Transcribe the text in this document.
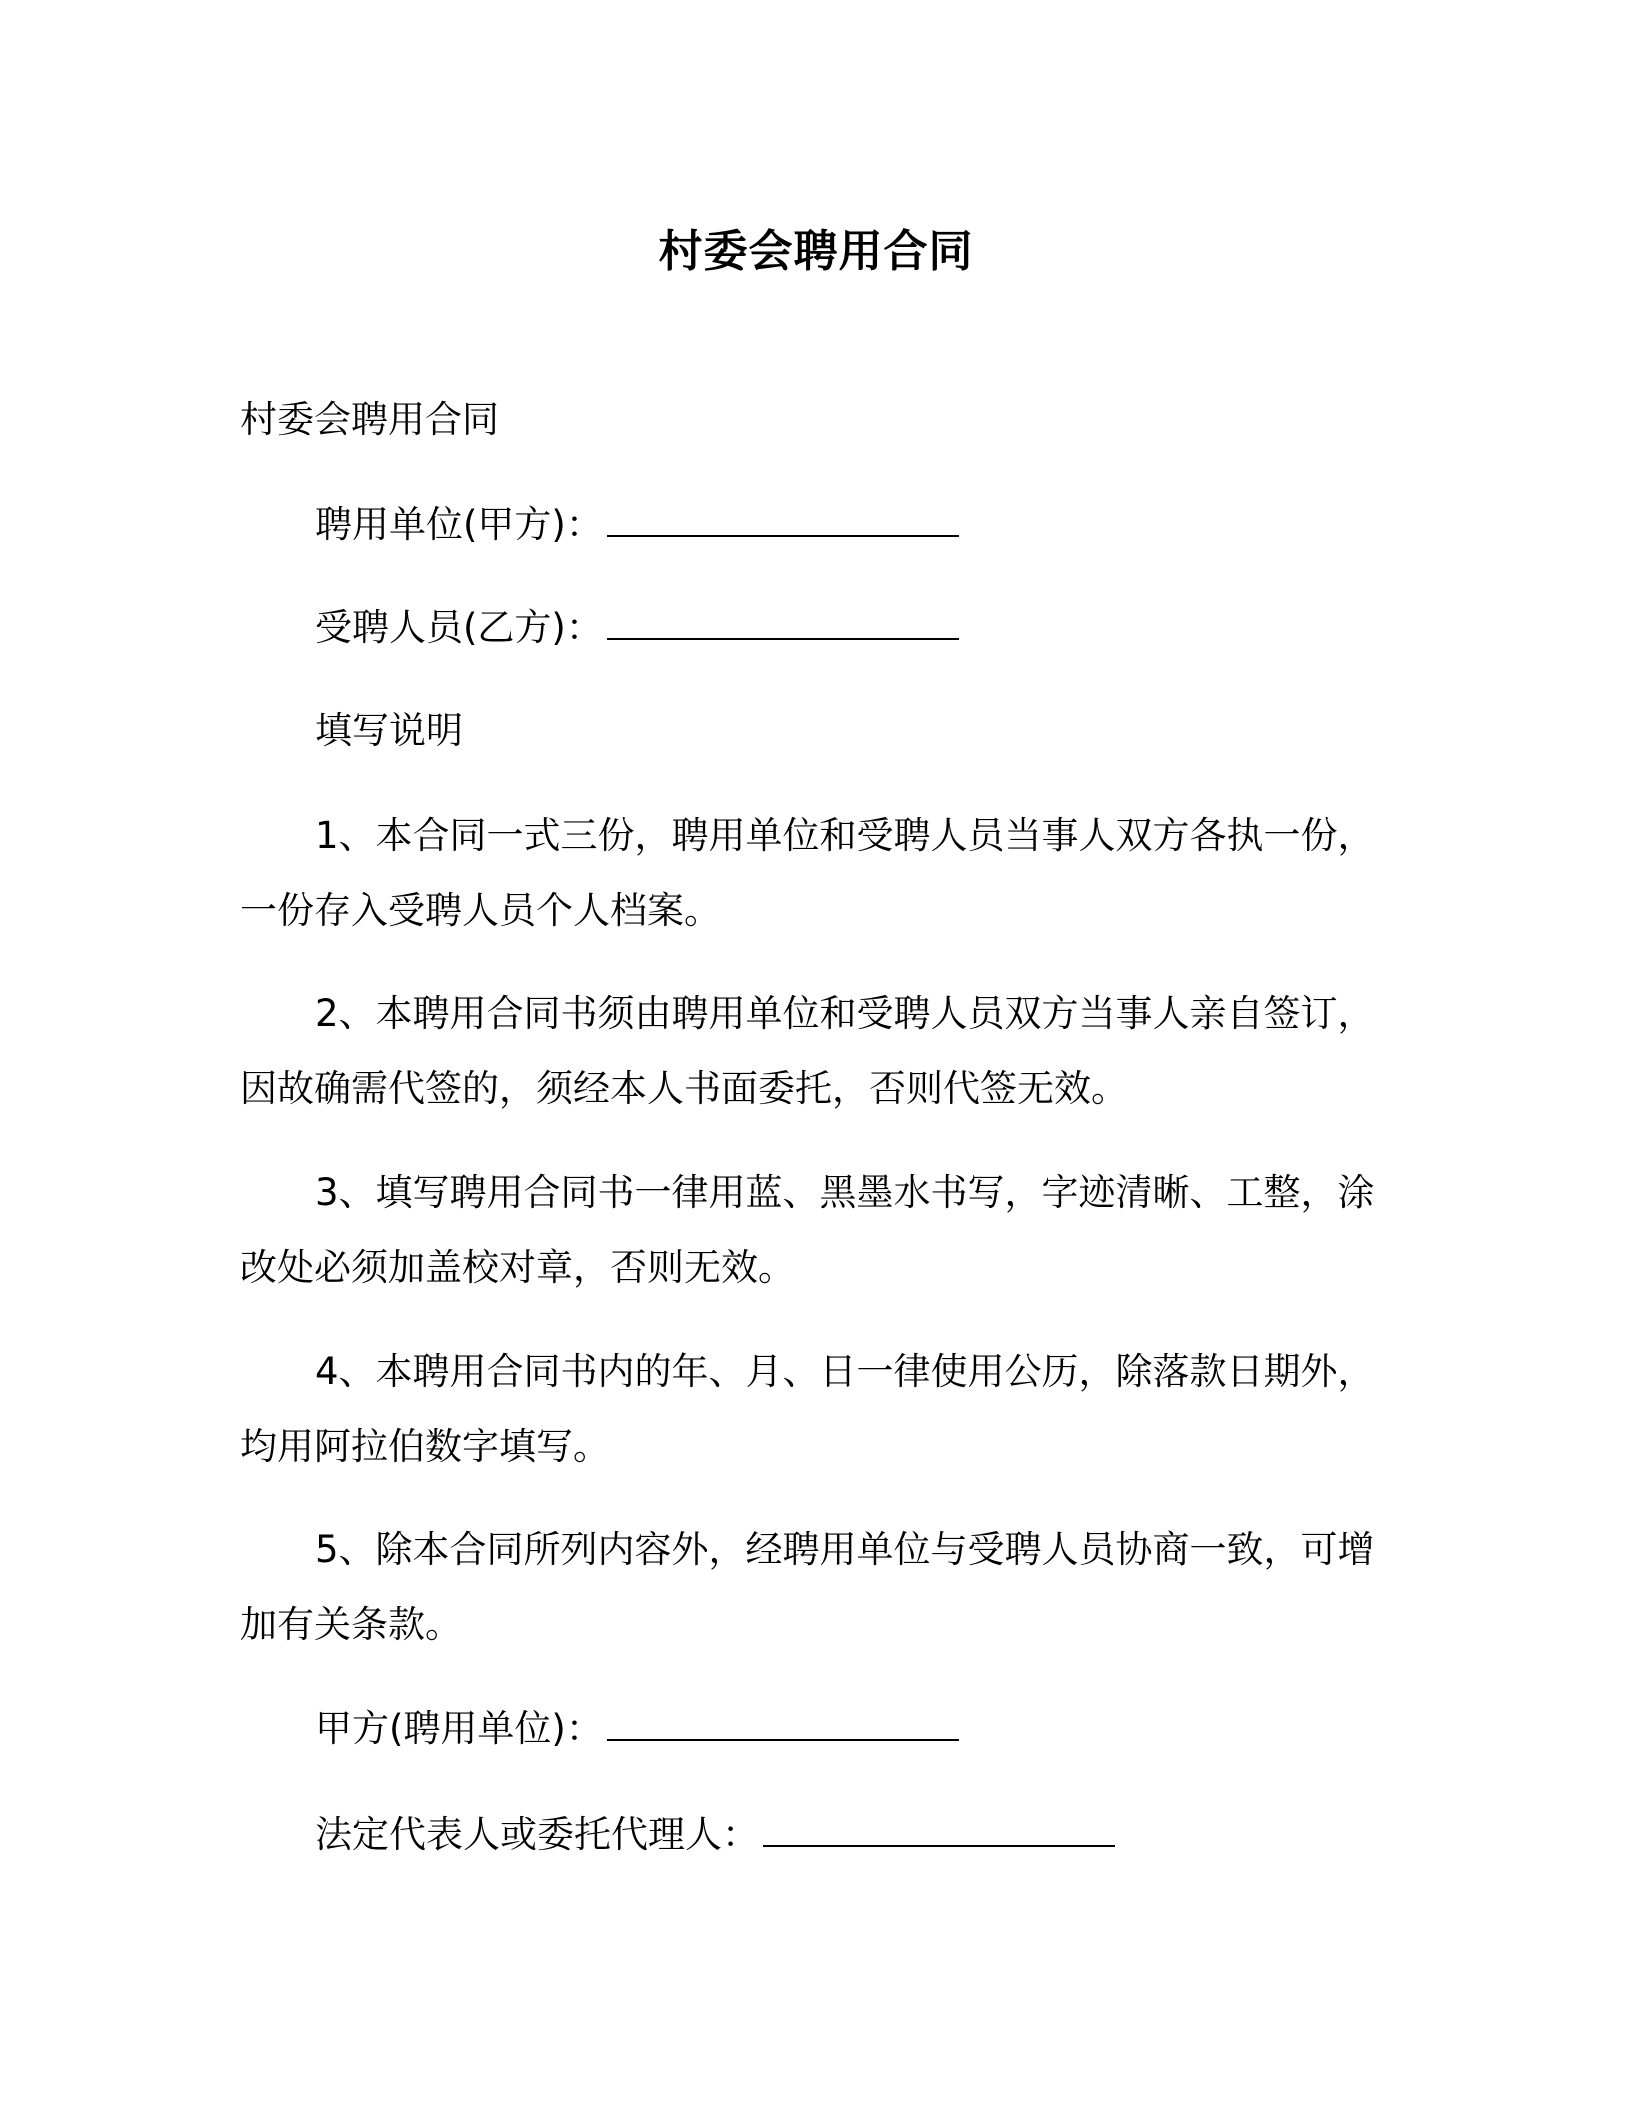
村委会聘用合同
村委会聘用合同
聘用单位(甲方)：
受聘人员(乙方)：
填写说明
1、本合同一式三份，聘用单位和受聘人员当事人双方各执一份，
一份存入受聘人员个人档案。
2、本聘用合同书须由聘用单位和受聘人员双方当事人亲自签订，
因故确需代签的，须经本人书面委托，否则代签无效。
3、填写聘用合同书一律用蓝、黑墨水书写，字迹清晰、工整，涂
改处必须加盖校对章，否则无效。
4、本聘用合同书内的年、月、日一律使用公历，除落款日期外，
均用阿拉伯数字填写。
5、除本合同所列内容外，经聘用单位与受聘人员协商一致，可增
加有关条款。
甲方(聘用单位)：
法定代表人或委托代理人：
